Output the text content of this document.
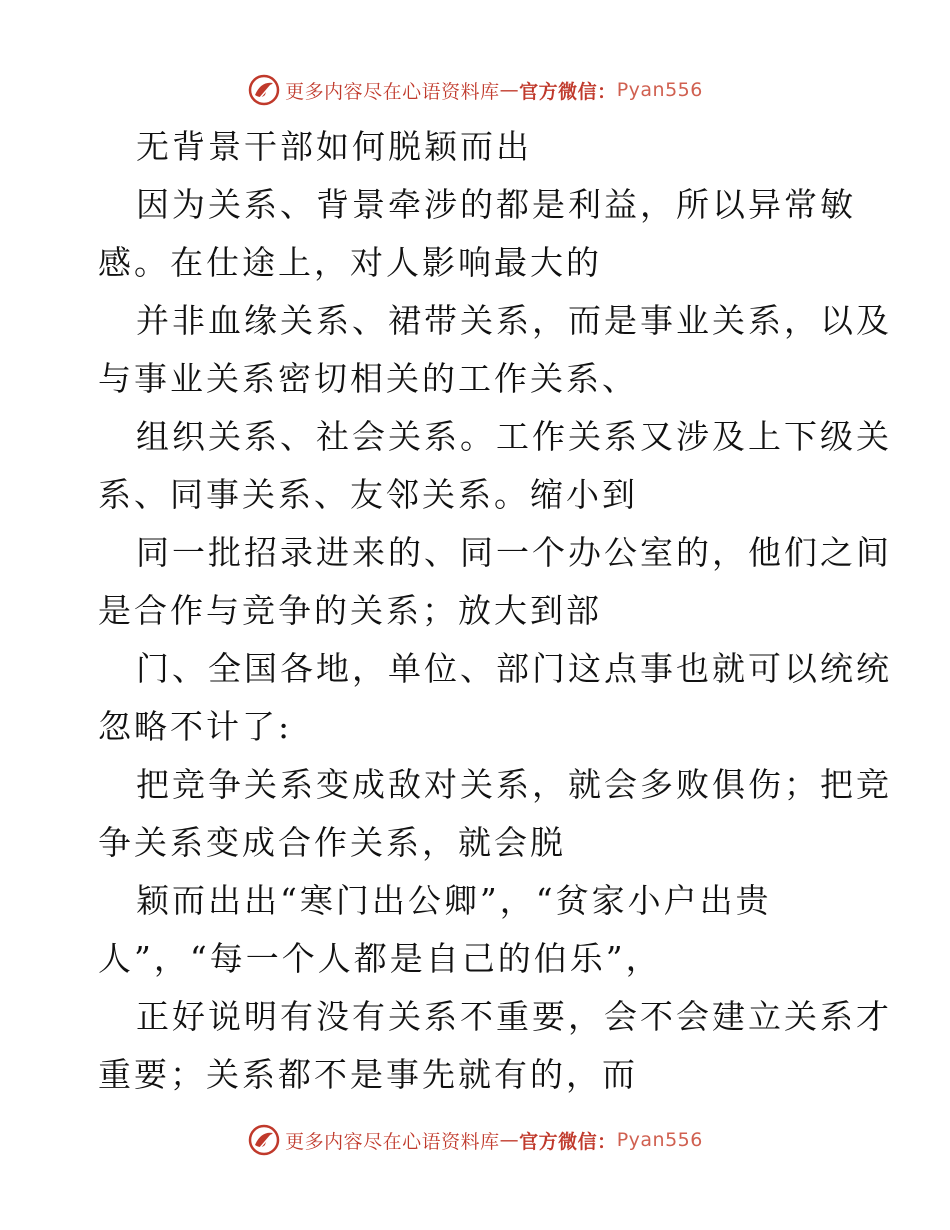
更多内容尽在心语资料库 — 官方微信： Pyan556

无背景干部如何脱颖而出

因为关系、背景牵涉的都是利益，所以异常敏
感。在仕途上，对人影响最大的

并非血缘关系、裙带关系，而是事业关系，以及
与事业关系密切相关的工作关系、

组织关系、社会关系。工作关系又涉及上下级关
系、同事关系、友邻关系。缩小到

同一批招录进来的、同一个办公室的，他们之间
是合作与竞争的关系；放大到部

门、全国各地，单位、部门这点事也就可以统统
忽略不计了:

把竞争关系变成敌对关系，就会多败俱伤；把竞
争关系变成合作关系，就会脱

颖而出出“寒门出公卿”，“贫家小户出贵
人”，“每一个人都是自己的伯乐”，

正好说明有没有关系不重要，会不会建立关系才
重要；关系都不是事先就有的，而

更多内容尽在心语资料库 — 官方微信： Pyan556
